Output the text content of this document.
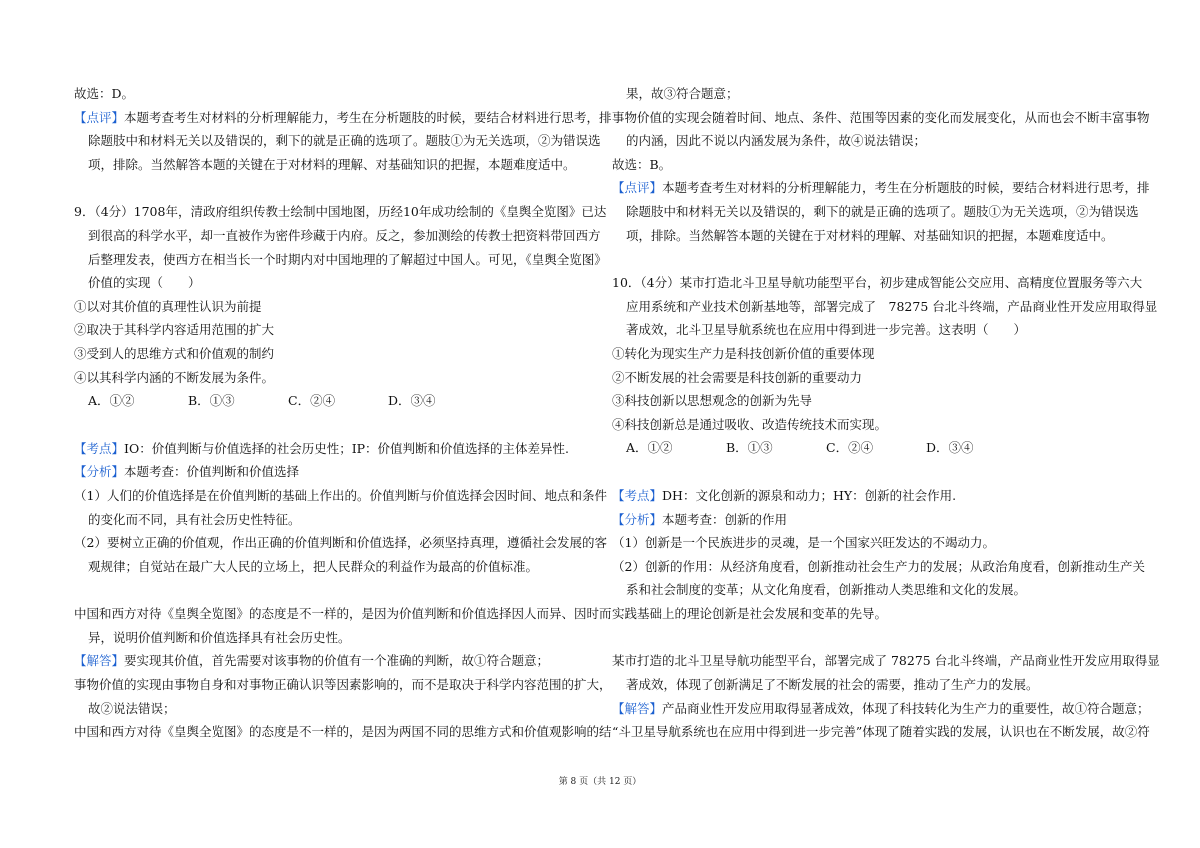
故选：D。
【点评】本题考查考生对材料的分析理解能力，考生在分析题肢的时候，要结合材料进行思考，排
除题肢中和材料无关以及错误的，剩下的就是正确的选项了。题肢①为无关选项，②为错误选
项，排除。当然解答本题的关键在于对材料的理解、对基础知识的把握，本题难度适中。
9．（4分）1708年，清政府组织传教士绘制中国地图，历经10年成功绘制的《皇舆全览图》已达
到很高的科学水平，却一直被作为密件珍藏于内府。反之，参加测绘的传教士把资料带回西方
后整理发表，使西方在相当长一个时期内对中国地理的了解超过中国人。可见，《皇舆全览图》
价值的实现（　　）
①以对其价值的真理性认识为前提
②取决于其科学内容适用范围的扩大
③受到人的思维方式和价值观的制约
④以其科学内涵的不断发展为条件。
A．①②	B．①③	C．②④	D．③④
【考点】IO：价值判断与价值选择的社会历史性；IP：价值判断和价值选择的主体差异性.
【分析】本题考查：价值判断和价值选择
（1）人们的价值选择是在价值判断的基础上作出的。价值判断与价值选择会因时间、地点和条件
的变化而不同，具有社会历史性特征。
（2）要树立正确的价值观，作出正确的价值判断和价值选择，必须坚持真理，遵循社会发展的客
观规律；自觉站在最广大人民的立场上，把人民群众的利益作为最高的价值标准。
中国和西方对待《皇舆全览图》的态度是不一样的，是因为价值判断和价值选择因人而异、因时而
异，说明价值判断和价值选择具有社会历史性。
【解答】要实现其价值，首先需要对该事物的价值有一个准确的判断，故①符合题意；
事物价值的实现由事物自身和对事物正确认识等因素影响的，而不是取决于科学内容范围的扩大，
故②说法错误；
中国和西方对待《皇舆全览图》的态度是不一样的，是因为两国不同的思维方式和价值观影响的结
果，故③符合题意；
事物价值的实现会随着时间、地点、条件、范围等因素的变化而发展变化，从而也会不断丰富事物
的内涵，因此不说以内涵发展为条件，故④说法错误；
故选：B。
【点评】本题考查考生对材料的分析理解能力，考生在分析题肢的时候，要结合材料进行思考，排
除题肢中和材料无关以及错误的，剩下的就是正确的选项了。题肢①为无关选项，②为错误选
项，排除。当然解答本题的关键在于对材料的理解、对基础知识的把握，本题难度适中。
10．（4分）某市打造北斗卫星导航功能型平台，初步建成智能公交应用、高精度位置服务等六大
应用系统和产业技术创新基地等，部署完成了　78275 台北斗终端，产品商业性开发应用取得显
著成效，北斗卫星导航系统也在应用中得到进一步完善。这表明（　　）
①转化为现实生产力是科技创新价值的重要体现
②不断发展的社会需要是科技创新的重要动力
③科技创新以思想观念的创新为先导
④科技创新总是通过吸收、改造传统技术而实现。
A．①②	B．①③	C．②④	D．③④
【考点】DH：文化创新的源泉和动力；HY：创新的社会作用.
【分析】本题考查：创新的作用
（1）创新是一个民族进步的灵魂，是一个国家兴旺发达的不竭动力。
（2）创新的作用：从经济角度看，创新推动社会生产力的发展；从政治角度看，创新推动生产关
系和社会制度的变革；从文化角度看，创新推动人类思维和文化的发展。
实践基础上的理论创新是社会发展和变革的先导。
某市打造的北斗卫星导航功能型平台，部署完成了 78275 台北斗终端，产品商业性开发应用取得显
著成效，体现了创新满足了不断发展的社会的需要，推动了生产力的发展。
【解答】产品商业性开发应用取得显著成效，体现了科技转化为生产力的重要性，故①符合题意；
“斗卫星导航系统也在应用中得到进一步完善”体现了随着实践的发展，认识也在不断发展，故②符
第 8 页（共 12 页）
